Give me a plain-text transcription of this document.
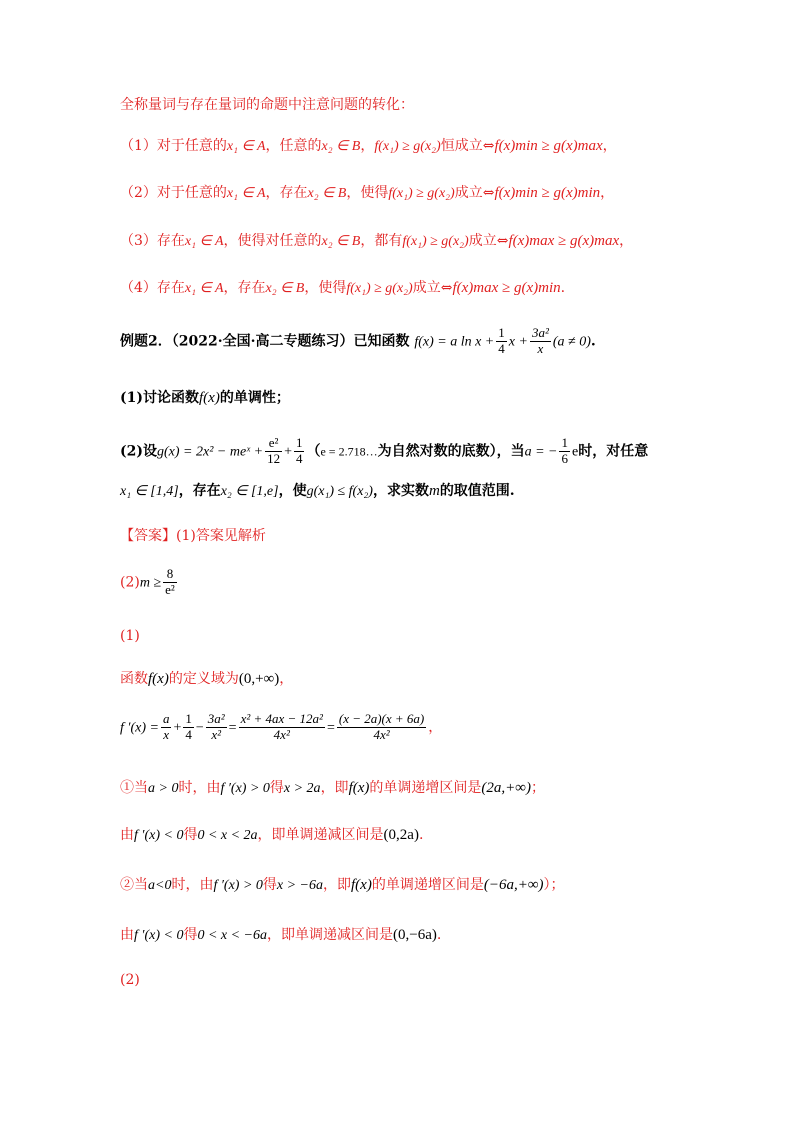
全称量词与存在量词的命题中注意问题的转化：
（1）对于任意的x₁ ∈ A，任意的x₂ ∈ B，f(x₁) ≥ g(x₂)恒成立⇔f(x)min ≥ g(x)max，
（2）对于任意的x₁ ∈ A，存在x₂ ∈ B，使得f(x₁) ≥ g(x₂)成立⇔f(x)min ≥ g(x)min，
（3）存在x₁ ∈ A，使得对任意的x₂ ∈ B，都有f(x₁) ≥ g(x₂)成立⇔f(x)max ≥ g(x)max，
（4）存在x₁ ∈ A，存在x₂ ∈ B，使得f(x₁) ≥ g(x₂)成立⇔f(x)max ≥ g(x)min.
例题2．（2022·全国·高二专题练习）已知函数 f(x) = a $\ln x + \frac{1}{4}$ $x + \frac{\text{3a²}}{x} (a \ne 0)$.
(1)讨论函数f(x)的单调性；
(2)设g(x) = 2x² − meˣ + $\frac{\text{e²}}{12} + \frac{1}{4} (e$ = 2.718…为自然对数的底数），当a = − $\frac{1}{6}$ e时，对任意
x₁ ∈ [1,4]，存在x₂ ∈ [1,e]，使g(x₁) ≤ f(x₂)，求实数m的取值范围.
【答案】(1)答案见解析
$(2)m \ge \frac{8}{\text{e²}}$
(1)
函数f(x)的定义域为(0,+∞)，
f $'(x) = \frac{a}{x} + \frac{1}{4} - \frac{\text{3a²}}{\text{x²}} = \frac{\text{x² + 4ax − 12a²}}{\text{4x²}} = \frac{(x - 2a)(x + 6a)}{\text{4x²}}$ ，
①当a > 0时，由f ′(x) > 0得x > 2a，即f(x)的单调递增区间是(2a,+∞)；
由f ′(x) < 0得0 < x < 2a，即单调递减区间是(0,2a).
②当a<0时，由f ′(x) > 0得x > −6a，即f(x)的单调递增区间是(−6a,+∞)）；
由f ′(x) < 0得0 < x < −6a，即单调递减区间是(0,−6a).
(2)
